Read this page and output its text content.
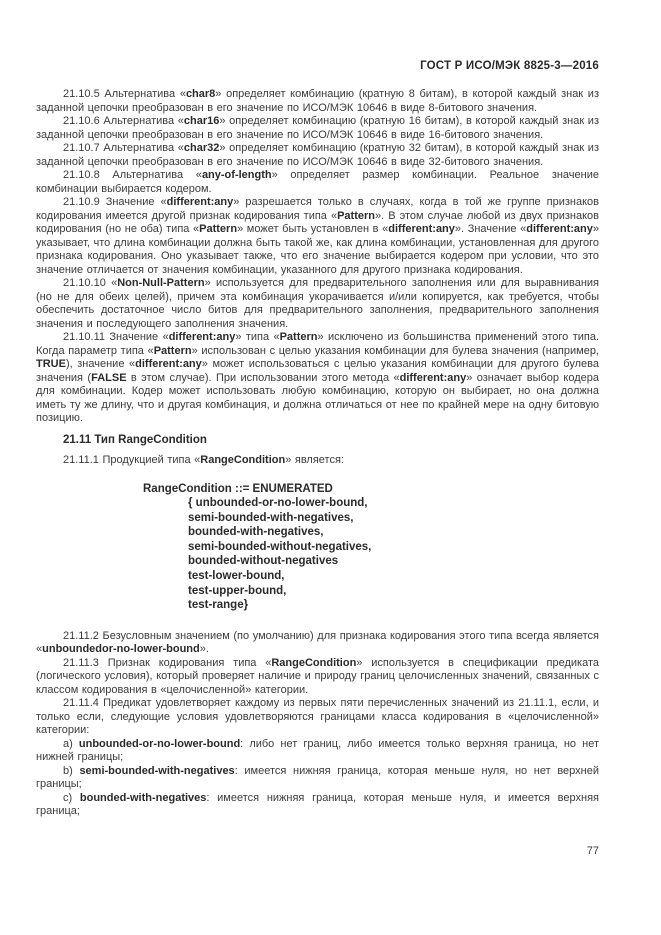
ГОСТ Р ИСО/МЭК 8825-3—2016

21.10.5 Альтернатива «char8» определяет комбинацию (кратную 8 битам), в которой каждый знак из заданной цепочки преобразован в его значение по ИСО/МЭК 10646 в виде 8-битового значения.

21.10.6 Альтернатива «char16» определяет комбинацию (кратную 16 битам), в которой каждый знак из заданной цепочки преобразован в его значение по ИСО/МЭК 10646 в виде 16-битового значения.

21.10.7 Альтернатива «char32» определяет комбинацию (кратную 32 битам), в которой каждый знак из заданной цепочки преобразован в его значение по ИСО/МЭК 10646 в виде 32-битового значения.

21.10.8 Альтернатива «any-of-length» определяет размер комбинации. Реальное значение комбинации выбирается кодером.

21.10.9 Значение «different:any» разрешается только в случаях, когда в той же группе признаков кодирования имеется другой признак кодирования типа «Pattern». В этом случае любой из двух признаков кодирования (но не оба) типа «Pattern» может быть установлен в «different:any». Значение «different:any» указывает, что длина комбинации должна быть такой же, как длина комбинации, установленная для другого признака кодирования. Оно указывает также, что его значение выбирается кодером при условии, что это значение отличается от значения комбинации, указанного для другого признака кодирования.

21.10.10 «Non-Null-Pattern» используется для предварительного заполнения или для выравнивания (но не для обеих целей), причем эта комбинация укорачивается и/или копируется, как требуется, чтобы обеспечить достаточное число битов для предварительного заполнения, предварительного заполнения значения и последующего заполнения значения.

21.10.11 Значение «different:any» типа «Pattern» исключено из большинства применений этого типа. Когда параметр типа «Pattern» использован с целью указания комбинации для булева значения (например, TRUE), значение «different:any» может использоваться с целью указания комбинации для другого булева значения (FALSE в этом случае). При использовании этого метода «different:any» означает выбор кодера для комбинации. Кодер может использовать любую комбинацию, которую он выбирает, но она должна иметь ту же длину, что и другая комбинация, и должна отличаться от нее по крайней мере на одну битовую позицию.

21.11 Тип RangeCondition

21.11.1 Продукцией типа «RangeCondition» является:

RangeCondition ::= ENUMERATED
{ unbounded-or-no-lower-bound,
semi-bounded-with-negatives,
bounded-with-negatives,
semi-bounded-without-negatives,
bounded-without-negatives
test-lower-bound,
test-upper-bound,
test-range}

21.11.2 Безусловным значением (по умолчанию) для признака кодирования этого типа всегда является «unboundedor-no-lower-bound».

21.11.3 Признак кодирования типа «RangeCondition» используется в спецификации предиката (логического условия), который проверяет наличие и природу границ целочисленных значений, связанных с классом кодирования в «целочисленной» категории.

21.11.4 Предикат удовлетворяет каждому из первых пяти перечисленных значений из 21.11.1, если, и только если, следующие условия удовлетворяются границами класса кодирования в «целочисленной» категории:

a) unbounded-or-no-lower-bound: либо нет границ, либо имеется только верхняя граница, но нет нижней границы;

b) semi-bounded-with-negatives: имеется нижняя граница, которая меньше нуля, но нет верхней границы;

c) bounded-with-negatives: имеется нижняя граница, которая меньше нуля, и имеется верхняя граница;

77
